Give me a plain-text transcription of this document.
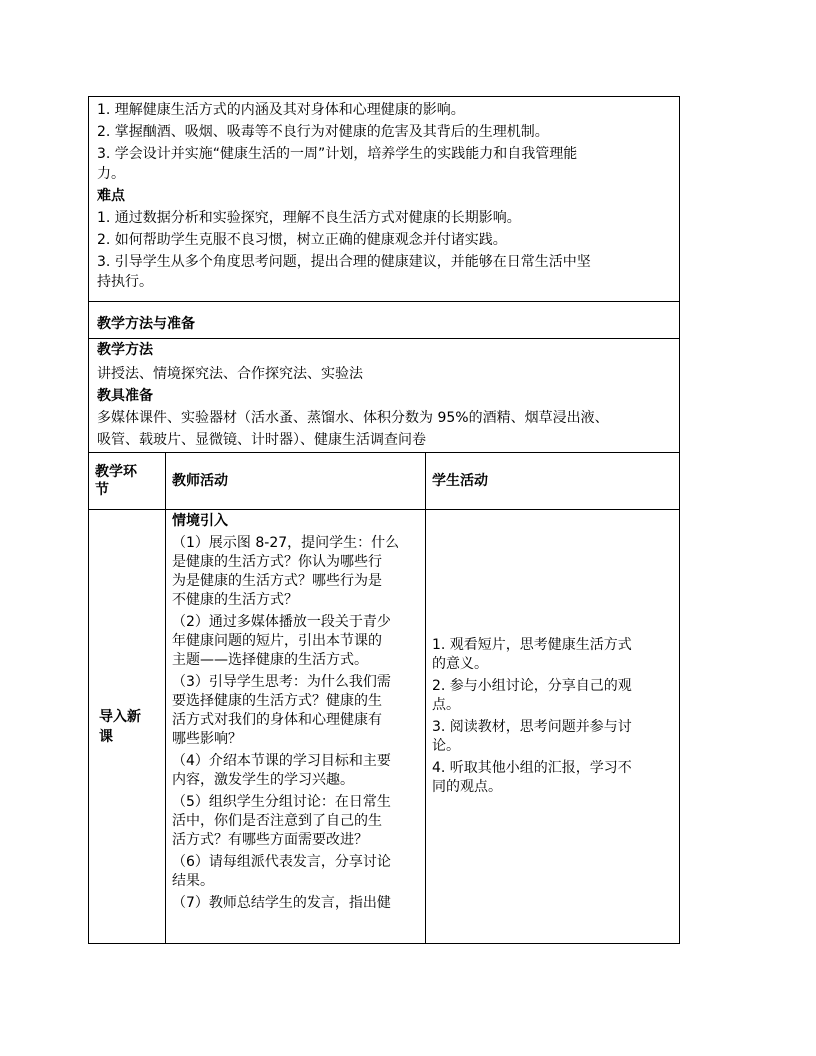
1. 理解健康生活方式的内涵及其对身体和心理健康的影响。

2. 掌握酗酒、吸烟、吸毒等不良行为对健康的危害及其背后的生理机制。

3. 学会设计并实施“健康生活的一周”计划，培养学生的实践能力和自我管理能

力。

难点

1. 通过数据分析和实验探究，理解不良生活方式对健康的长期影响。

2. 如何帮助学生克服不良习惯，树立正确的健康观念并付诸实践。

3. 引导学生从多个角度思考问题，提出合理的健康建议，并能够在日常生活中坚

持执行。

教学方法与准备

教学方法

讲授法、情境探究法、合作探究法、实验法

教具准备

多媒体课件、实验器材（活水蚤、蒸馏水、体积分数为 95%的酒精、烟草浸出液、

吸管、载玻片、显微镜、计时器）、健康生活调查问卷

教学环
节
教师活动	学生活动
导入新
课

情境引入

（1）展示图 8-27，提问学生：什么
是健康的生活方式？你认为哪些行
为是健康的生活方式？哪些行为是
不健康的生活方式？
（2）通过多媒体播放一段关于青少
年健康问题的短片，引出本节课的
主题——选择健康的生活方式。
（3）引导学生思考：为什么我们需
要选择健康的生活方式？健康的生
活方式对我们的身体和心理健康有
哪些影响？
（4）介绍本节课的学习目标和主要
内容，激发学生的学习兴趣。
（5）组织学生分组讨论：在日常生
活中，你们是否注意到了自己的生
活方式？有哪些方面需要改进？
（6）请每组派代表发言，分享讨论
结果。
（7）教师总结学生的发言，指出健
1. 观看短片，思考健康生活方式
的意义。
2. 参与小组讨论，分享自己的观
点。
3. 阅读教材，思考问题并参与讨
论。
4. 听取其他小组的汇报，学习不
同的观点。
